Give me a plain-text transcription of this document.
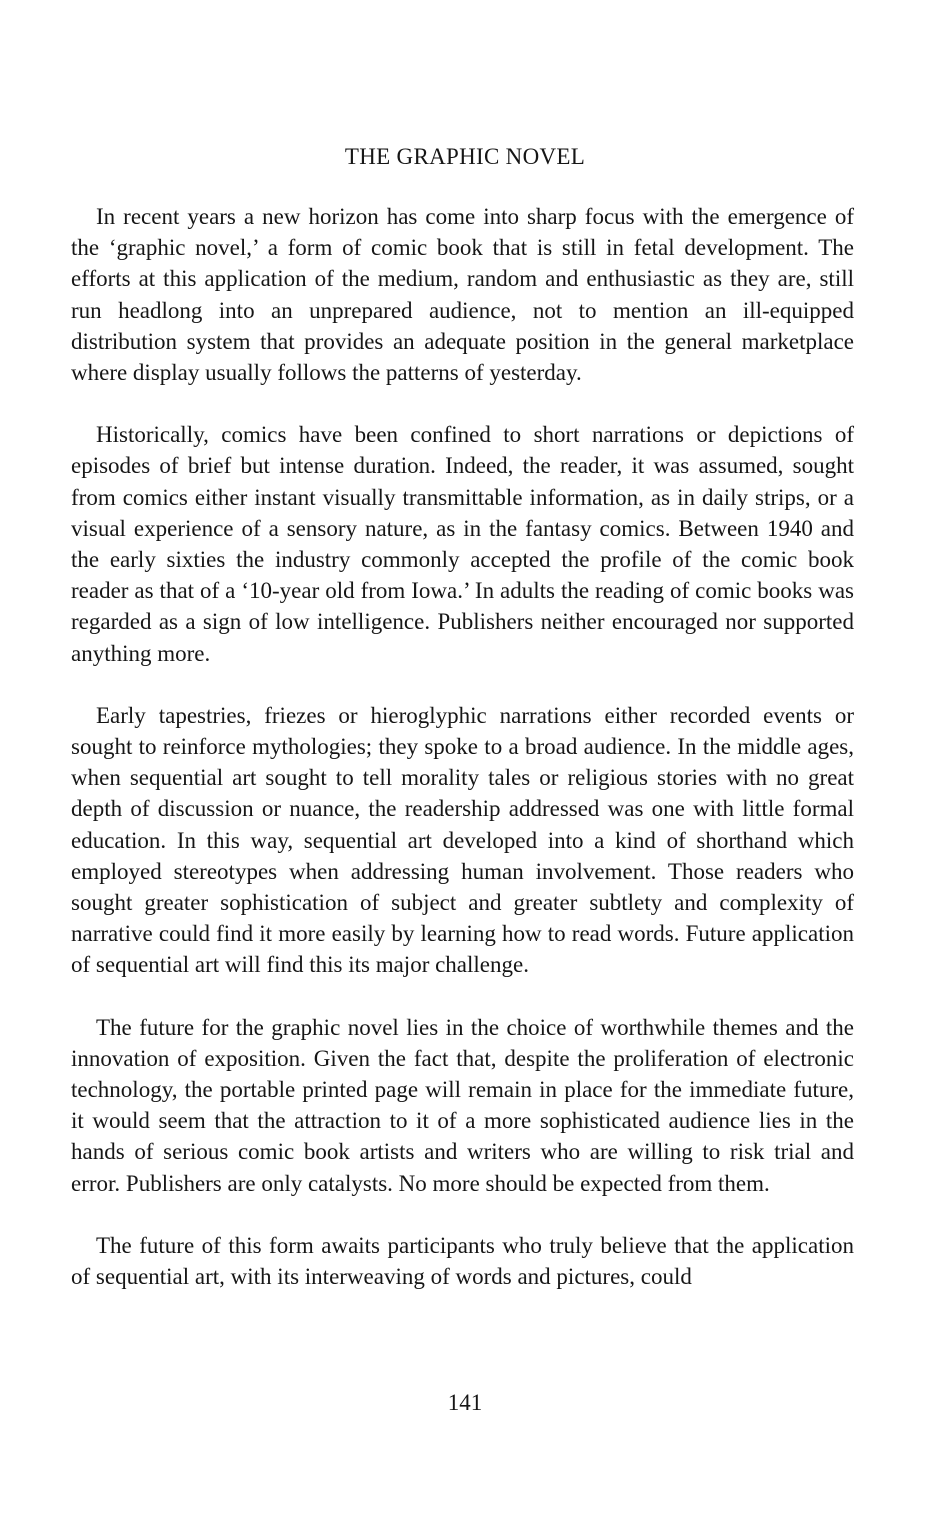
THE GRAPHIC NOVEL

In recent years a new horizon has come into sharp focus with the emergence of the ‘graphic novel,’ a form of comic book that is still in fetal development. The efforts at this application of the medium, random and enthusiastic as they are, still run headlong into an unprepared audience, not to mention an ill-equipped distribution system that provides an adequate position in the general marketplace where display usually follows the patterns of yesterday.

Historically, comics have been confined to short narrations or depictions of episodes of brief but intense duration. Indeed, the reader, it was assumed, sought from comics either instant visually transmittable information, as in daily strips, or a visual experience of a sensory nature, as in the fantasy comics. Between 1940 and the early sixties the industry commonly accepted the profile of the comic book reader as that of a ‘10-year old from Iowa.’ In adults the reading of comic books was regarded as a sign of low intelligence. Publishers neither encouraged nor supported anything more.

Early tapestries, friezes or hieroglyphic narrations either recorded events or sought to reinforce mythologies; they spoke to a broad audience. In the middle ages, when sequential art sought to tell morality tales or religious stories with no great depth of discussion or nuance, the readership addressed was one with little formal education. In this way, sequential art developed into a kind of shorthand which employed stereotypes when addressing human involvement. Those readers who sought greater sophistication of subject and greater subtlety and complexity of narrative could find it more easily by learning how to read words. Future application of sequential art will find this its major challenge.

The future for the graphic novel lies in the choice of worthwhile themes and the innovation of exposition. Given the fact that, despite the proliferation of electronic technology, the portable printed page will remain in place for the immediate future, it would seem that the attraction to it of a more sophisticated audience lies in the hands of serious comic book artists and writers who are willing to risk trial and error. Publishers are only catalysts. No more should be expected from them.

The future of this form awaits participants who truly believe that the application of sequential art, with its interweaving of words and pictures, could

141
